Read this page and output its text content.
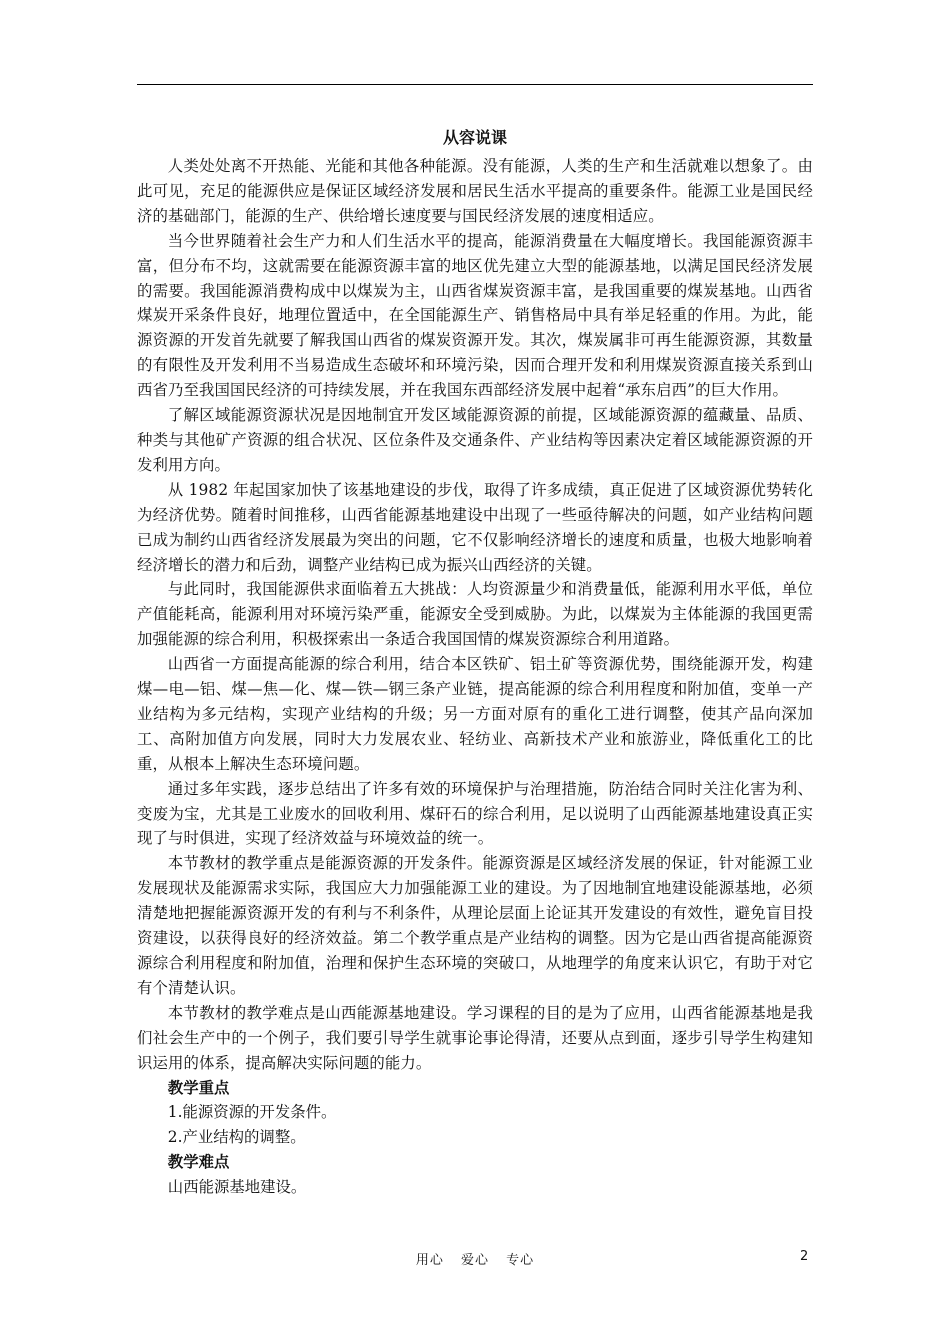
从容说课

人类处处离不开热能、光能和其他各种能源。没有能源，人类的生产和生活就难以想象了。由此可见，充足的能源供应是保证区域经济发展和居民生活水平提高的重要条件。能源工业是国民经济的基础部门，能源的生产、供给增长速度要与国民经济发展的速度相适应。

当今世界随着社会生产力和人们生活水平的提高，能源消费量在大幅度增长。我国能源资源丰富，但分布不均，这就需要在能源资源丰富的地区优先建立大型的能源基地，以满足国民经济发展的需要。我国能源消费构成中以煤炭为主，山西省煤炭资源丰富，是我国重要的煤炭基地。山西省煤炭开采条件良好，地理位置适中，在全国能源生产、销售格局中具有举足轻重的作用。为此，能源资源的开发首先就要了解我国山西省的煤炭资源开发。其次，煤炭属非可再生能源资源，其数量的有限性及开发利用不当易造成生态破坏和环境污染，因而合理开发和利用煤炭资源直接关系到山西省乃至我国国民经济的可持续发展，并在我国东西部经济发展中起着“承东启西”的巨大作用。

了解区域能源资源状况是因地制宜开发区域能源资源的前提，区域能源资源的蕴藏量、品质、种类与其他矿产资源的组合状况、区位条件及交通条件、产业结构等因素决定着区域能源资源的开发利用方向。

从 1982 年起国家加快了该基地建设的步伐，取得了许多成绩，真正促进了区域资源优势转化为经济优势。随着时间推移，山西省能源基地建设中出现了一些亟待解决的问题，如产业结构问题已成为制约山西省经济发展最为突出的问题，它不仅影响经济增长的速度和质量，也极大地影响着经济增长的潜力和后劲，调整产业结构已成为振兴山西经济的关键。

与此同时，我国能源供求面临着五大挑战：人均资源量少和消费量低，能源利用水平低，单位产值能耗高，能源利用对环境污染严重，能源安全受到威胁。为此，以煤炭为主体能源的我国更需加强能源的综合利用，积极探索出一条适合我国国情的煤炭资源综合利用道路。

山西省一方面提高能源的综合利用，结合本区铁矿、铝土矿等资源优势，围绕能源开发，构建煤—电—铝、煤—焦—化、煤—铁—钢三条产业链，提高能源的综合利用程度和附加值，变单一产业结构为多元结构，实现产业结构的升级；另一方面对原有的重化工进行调整，使其产品向深加工、高附加值方向发展，同时大力发展农业、轻纺业、高新技术产业和旅游业，降低重化工的比重，从根本上解决生态环境问题。

通过多年实践，逐步总结出了许多有效的环境保护与治理措施，防治结合同时关注化害为利、变废为宝，尤其是工业废水的回收利用、煤矸石的综合利用，足以说明了山西能源基地建设真正实现了与时俱进，实现了经济效益与环境效益的统一。

本节教材的教学重点是能源资源的开发条件。能源资源是区域经济发展的保证，针对能源工业发展现状及能源需求实际，我国应大力加强能源工业的建设。为了因地制宜地建设能源基地，必须清楚地把握能源资源开发的有利与不利条件，从理论层面上论证其开发建设的有效性，避免盲目投资建设，以获得良好的经济效益。第二个教学重点是产业结构的调整。因为它是山西省提高能源资源综合利用程度和附加值，治理和保护生态环境的突破口，从地理学的角度来认识它，有助于对它有个清楚认识。

本节教材的教学难点是山西能源基地建设。学习课程的目的是为了应用，山西省能源基地是我们社会生产中的一个例子，我们要引导学生就事论事论得清，还要从点到面，逐步引导学生构建知识运用的体系，提高解决实际问题的能力。

教学重点
1.能源资源的开发条件。
2.产业结构的调整。
教学难点
山西能源基地建设。
用心 爱心 专心	2
